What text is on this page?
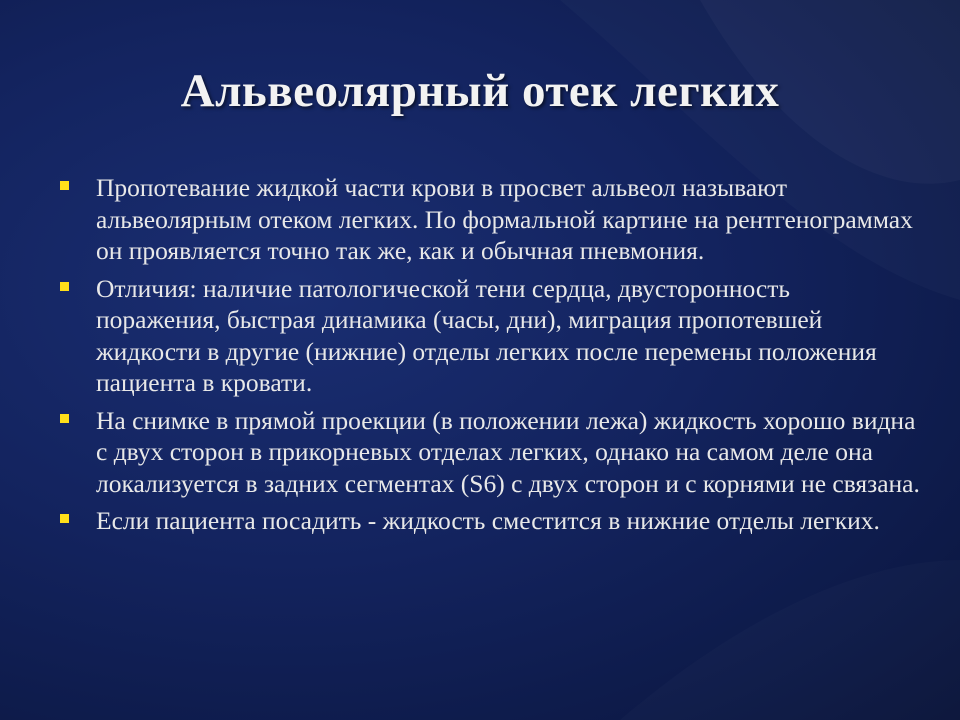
Альвеолярный отек легких
Пропотевание жидкой части крови в просвет альвеол называют альвеолярным отеком легких. По формальной картине на рентгенограммах он проявляется точно так же, как и обычная пневмония.
Отличия: наличие патологической тени сердца, двусторонность поражения, быстрая динамика (часы, дни), миграция пропотевшей жидкости в другие (нижние) отделы легких после перемены положения пациента в кровати.
На снимке в прямой проекции (в положении лежа) жидкость хорошо видна с двух сторон в прикорневых отделах легких, однако на самом деле она локализуется в задних сегментах (S6) с двух сторон и с корнями не связана.
Если пациента посадить - жидкость сместится в нижние отделы легких.
